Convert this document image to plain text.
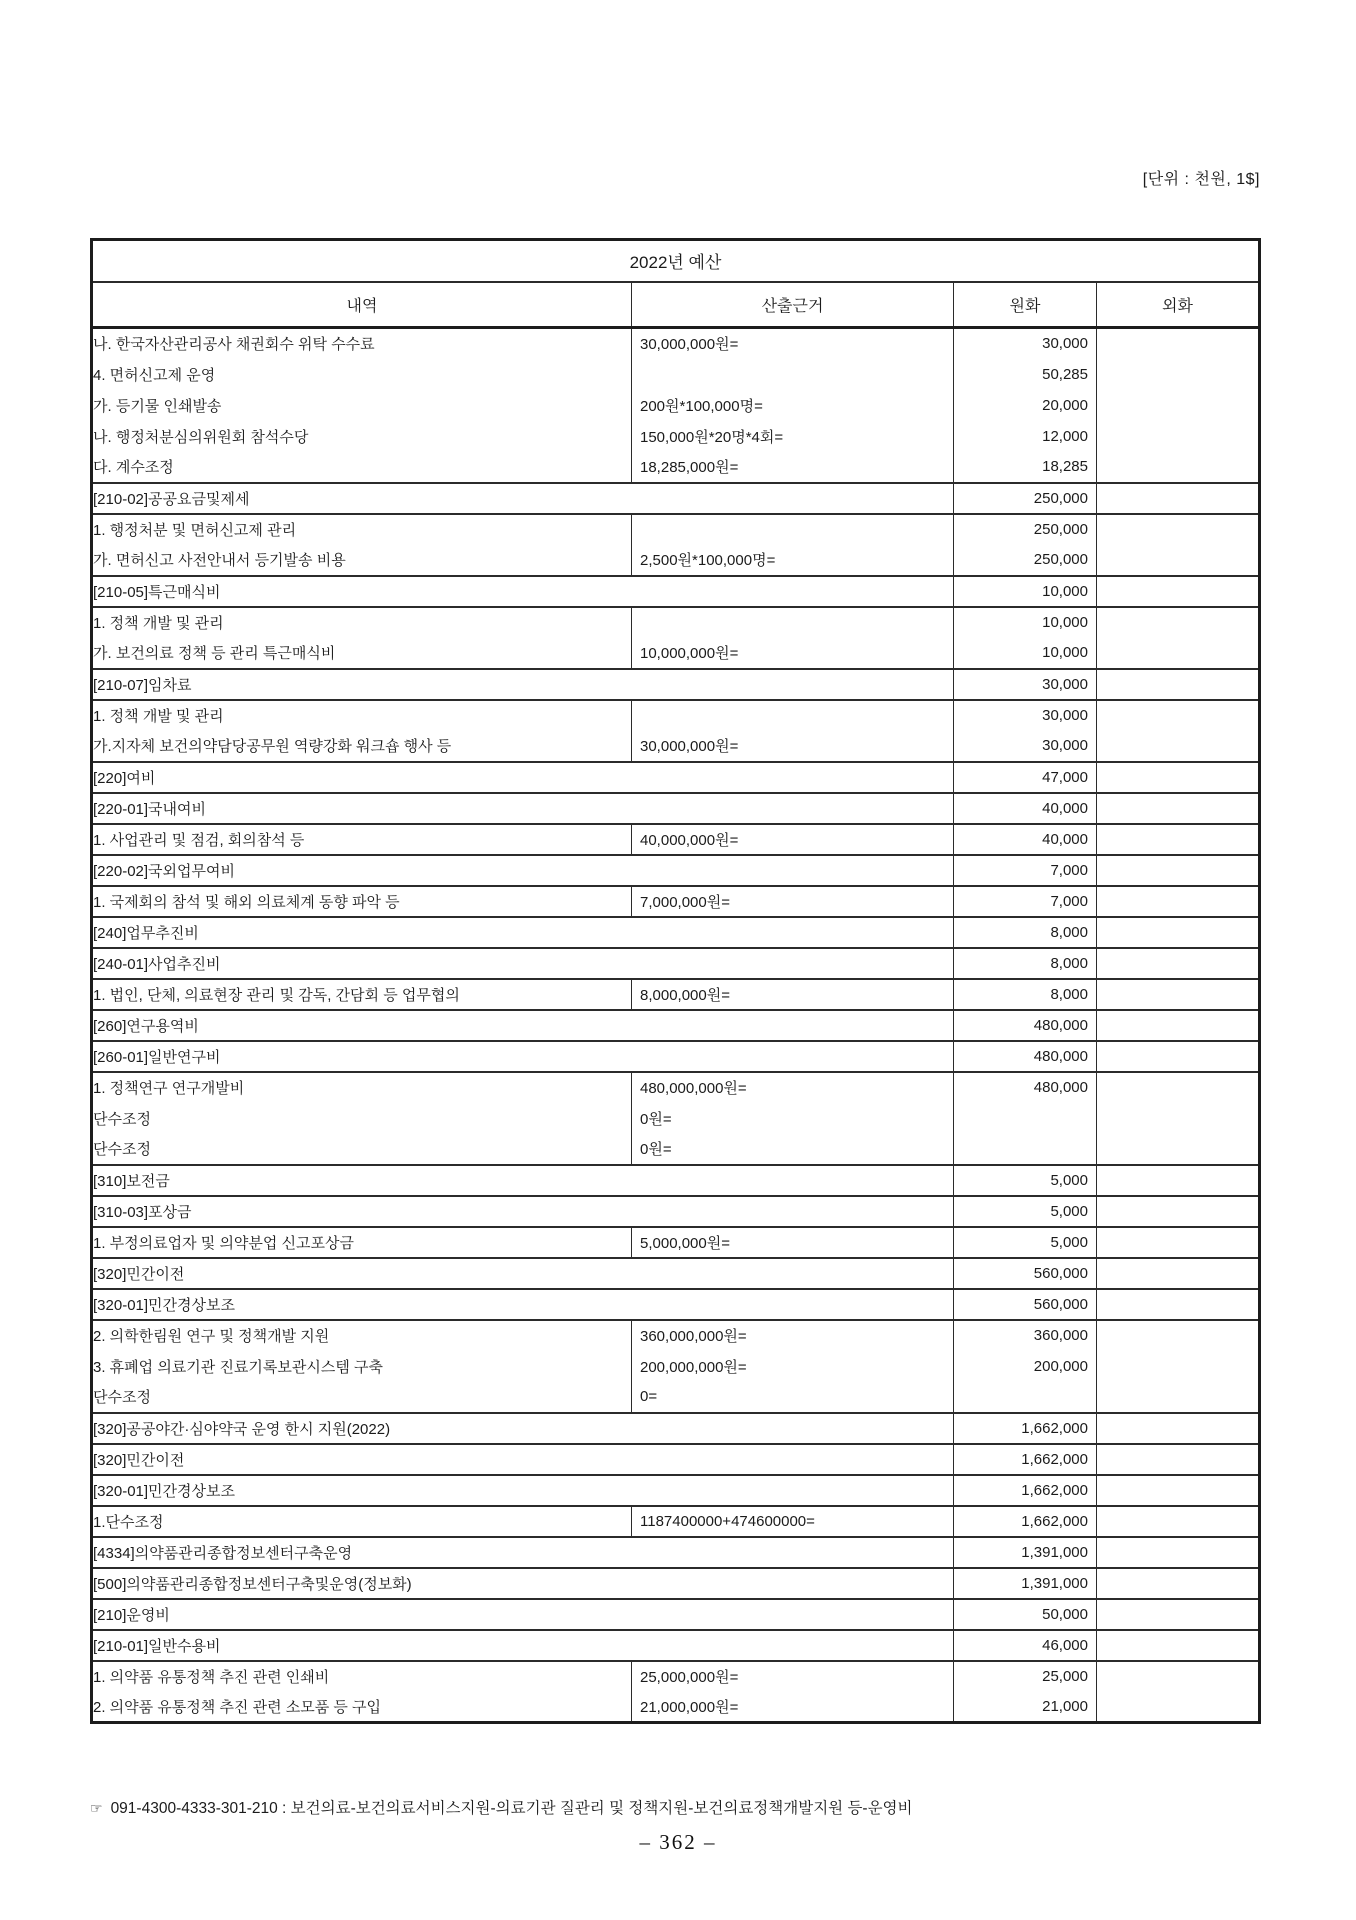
[단위 : 천원, 1$]
2022년 예산			
내역	산출근거	원화	외화
나. 한국자산관리공사 채권회수 위탁 수수료	30,000,000원=	30,000	
4. 면허신고제 운영		50,285	
가. 등기물 인쇄발송	200원*100,000명=	20,000	
나. 행정처분심의위원회 참석수당	150,000원*20명*4회=	12,000	
다. 계수조정	18,285,000원=	18,285	
[210-02]공공요금및제세		250,000	
1. 행정처분 및 면허신고제 관리		250,000	
가. 면허신고 사전안내서 등기발송 비용	2,500원*100,000명=	250,000	
[210-05]특근매식비		10,000	
1. 정책 개발 및 관리		10,000	
가. 보건의료 정책 등 관리 특근매식비	10,000,000원=	10,000	
[210-07]임차료		30,000	
1. 정책 개발 및 관리		30,000	
가.지자체 보건의약담당공무원 역량강화 워크숍 행사 등	30,000,000원=	30,000	
[220]여비		47,000	
[220-01]국내여비		40,000	
1. 사업관리 및 점검, 회의참석 등	40,000,000원=	40,000	
[220-02]국외업무여비		7,000	
1. 국제회의 참석 및 해외 의료체계 동향 파악 등	7,000,000원=	7,000	
[240]업무추진비		8,000	
[240-01]사업추진비		8,000	
1. 법인, 단체, 의료현장 관리 및 감독, 간담회 등 업무협의	8,000,000원=	8,000	
[260]연구용역비		480,000	
[260-01]일반연구비		480,000	
1. 정책연구 연구개발비	480,000,000원=	480,000	
단수조정	0원=		
단수조정	0원=		
[310]보전금		5,000	
[310-03]포상금		5,000	
1. 부정의료업자 및 의약분업 신고포상금	5,000,000원=	5,000	
[320]민간이전		560,000	
[320-01]민간경상보조		560,000	
2. 의학한림원 연구 및 정책개발 지원	360,000,000원=	360,000	
3. 휴폐업 의료기관 진료기록보관시스템 구축	200,000,000원=	200,000	
단수조정	0=		
[320]공공야간·심야약국 운영 한시 지원(2022)		1,662,000	
[320]민간이전		1,662,000	
[320-01]민간경상보조		1,662,000	
1.단수조정	1187400000+474600000=	1,662,000	
[4334]의약품관리종합정보센터구축운영		1,391,000	
[500]의약품관리종합정보센터구축및운영(정보화)		1,391,000	
[210]운영비		50,000	
[210-01]일반수용비		46,000	
1. 의약품 유통정책 추진 관련 인쇄비	25,000,000원=	25,000	
2. 의약품 유통정책 추진 관련 소모품 등 구입	21,000,000원=	21,000	
☞ 091-4300-4333-301-210 : 보건의료-보건의료서비스지원-의료기관 질관리 및 정책지원-보건의료정책개발지원 등-운영비
– 362 –
